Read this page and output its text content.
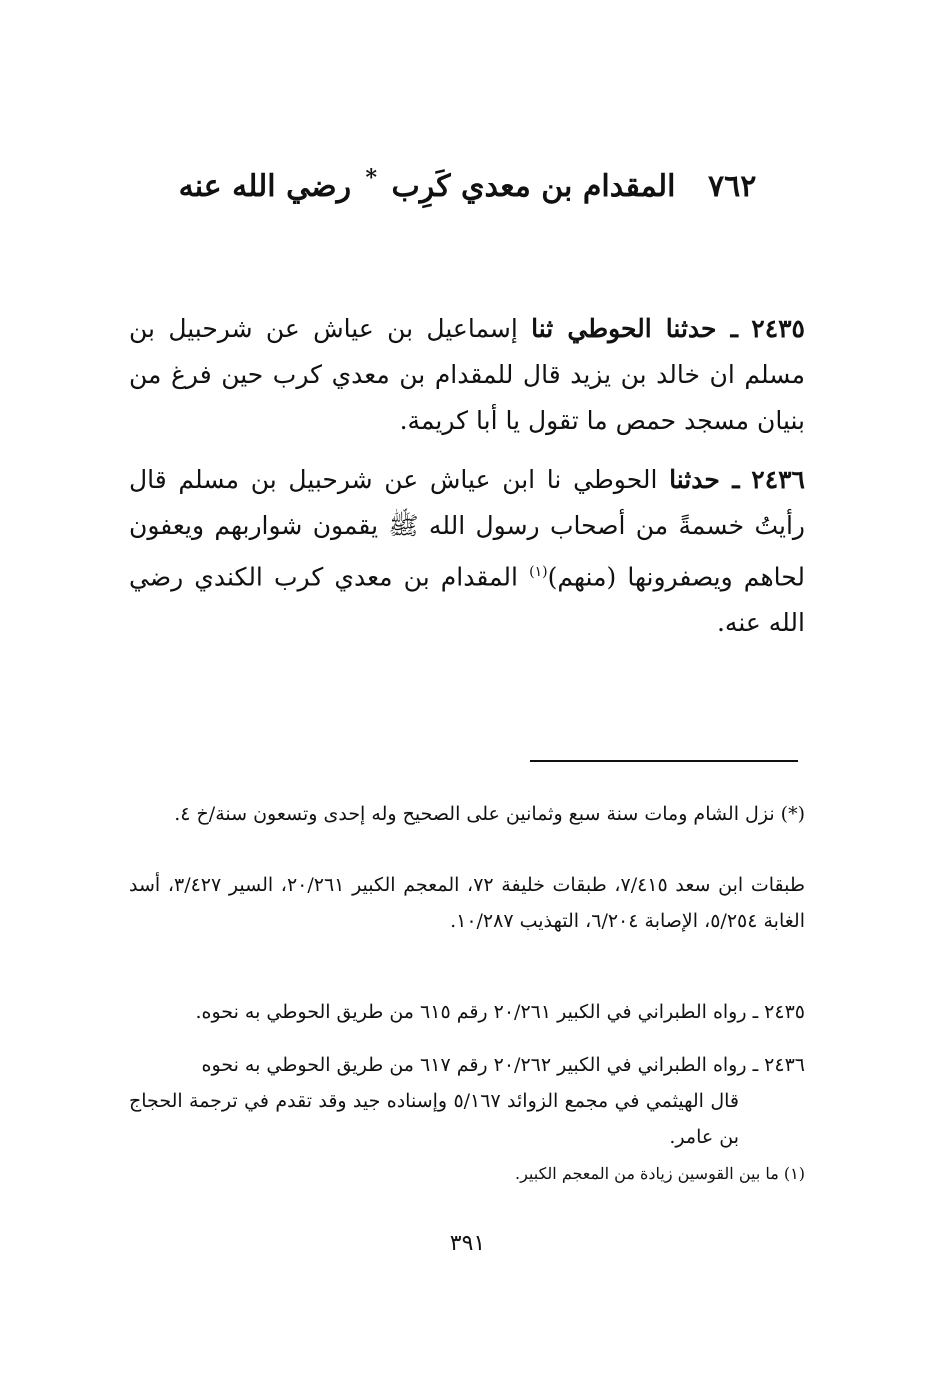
٧٦٢ المقدام بن معدي كَرِب * رضي الله عنه
٢٤٣٥ ـ حدثنا الحوطي ثنا إسماعيل بن عياش عن شرحبيل بن مسلم ان خالد بن يزيد قال للمقدام بن معدي كرب حين فرغ من بنيان مسجد حمص ما تقول يا أبا كريمة.
٢٤٣٦ ـ حدثنا الحوطي نا ابن عياش عن شرحبيل بن مسلم قال رأيتُ خسمةً من أصحاب رسول الله ﷺ يقمون شواربهم ويعفون لحاهم ويصفرونها (منهم)$^{(١)}$ المقدام بن معدي كرب الكندي رضي الله عنه.
(*) نزل الشام ومات سنة سبع وثمانين على الصحيح وله إحدى وتسعون سنة/خ ٤.
طبقات ابن سعد ٧/٤١٥، طبقات خليفة ٧٢، المعجم الكبير ٢٠/٢٦١، السير ٣/٤٢٧، أسد الغابة ٥/٢٥٤، الإصابة ٦/٢٠٤، التهذيب ١٠/٢٨٧.
٢٤٣٥ ـ رواه الطبراني في الكبير ٢٠/٢٦١ رقم ٦١٥ من طريق الحوطي به نحوه.
٢٤٣٦ ـ رواه الطبراني في الكبير ٢٠/٢٦٢ رقم ٦١٧ من طريق الحوطي به نحوه
قال الهيثمي في مجمع الزوائد ٥/١٦٧ وإسناده جيد وقد تقدم في ترجمة الحجاج بن عامر.
(١) ما بين القوسين زيادة من المعجم الكبير.
٣٩١
